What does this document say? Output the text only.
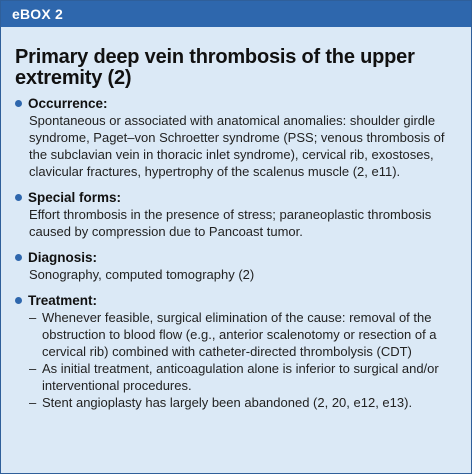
eBOX 2
Primary deep vein thrombosis of the upper extremity (2)
Occurrence:

Spontaneous or associated with anatomical anomalies: shoulder girdle syndrome, Paget–von Schroetter syndrome (PSS; venous thrombosis of the subclavian vein in thoracic inlet syndrome), cervical rib, exostoses, clavicular fractures, hypertrophy of the scalenus muscle (2, e11).

Special forms:

Effort thrombosis in the presence of stress; paraneoplastic thrombosis caused by compression due to Pancoast tumor.

Diagnosis:

Sonography, computed tomography (2)

Treatment:
– Whenever feasible, surgical elimination of the cause: removal of the obstruction to blood flow (e.g., anterior scalenotomy or resection of a cervical rib) combined with catheter-directed thrombolysis (CDT)
– As initial treatment, anticoagulation alone is inferior to surgical and/or interventional procedures.
– Stent angioplasty has largely been abandoned (2, 20, e12, e13).
